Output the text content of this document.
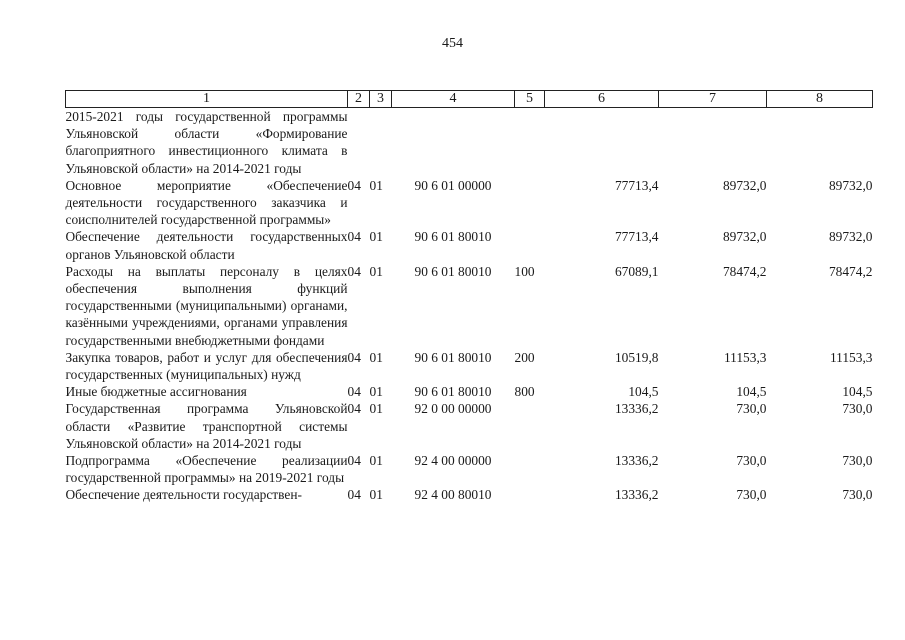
454
1	2	3	4	5	6	7	8
2015-2021 годы государственной программы Ульяновской области «Формирование благоприятного инвестиционного климата в Ульяновской области» на 2014-2021 годы							
Основное мероприятие «Обеспечение деятельности государственного заказчика и соисполнителей государственной программы»	04	01	90 6 01 00000		77713,4	89732,0	89732,0
Обеспечение деятельности государственных органов Ульяновской области	04	01	90 6 01 80010		77713,4	89732,0	89732,0
Расходы на выплаты персоналу в целях обеспечения выполнения функций государственными (муниципальными) органами, казёнными учреждениями, органами управления государственными внебюджетными фондами	04	01	90 6 01 80010	100	67089,1	78474,2	78474,2
Закупка товаров, работ и услуг для обеспечения государственных (муниципальных) нужд	04	01	90 6 01 80010	200	10519,8	11153,3	11153,3
Иные бюджетные ассигнования	04	01	90 6 01 80010	800	104,5	104,5	104,5
Государственная программа Ульяновской области «Развитие транспортной системы Ульяновской области» на 2014-2021 годы	04	01	92 0 00 00000		13336,2	730,0	730,0
Подпрограмма «Обеспечение реализации государственной программы» на 2019-2021 годы	04	01	92 4 00 00000		13336,2	730,0	730,0
Обеспечение деятельности государствен-	04	01	92 4 00 80010		13336,2	730,0	730,0
